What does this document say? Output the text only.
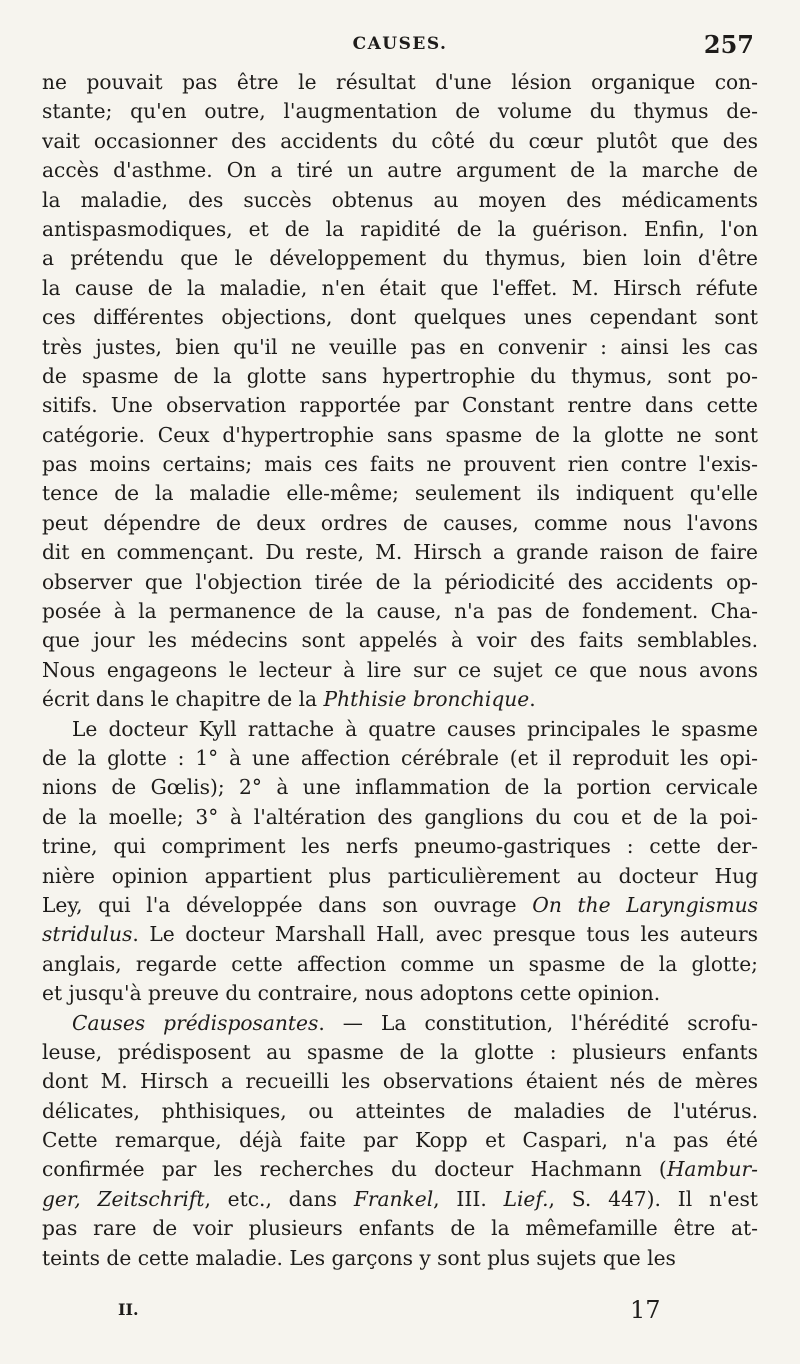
CAUSES.	257
ne pouvait pas être le résultat d'une lésion organique con-
stante; qu'en outre, l'augmentation de volume du thymus de-
vait occasionner des accidents du côté du cœur plutôt que des
accès d'asthme. On a tiré un autre argument de la marche de
la maladie, des succès obtenus au moyen des médicaments
antispasmodiques, et de la rapidité de la guérison. Enfin, l'on
a prétendu que le développement du thymus, bien loin d'être
la cause de la maladie, n'en était que l'effet. M. Hirsch réfute
ces différentes objections, dont quelques unes cependant sont
très justes, bien qu'il ne veuille pas en convenir : ainsi les cas
de spasme de la glotte sans hypertrophie du thymus, sont po-
sitifs. Une observation rapportée par Constant rentre dans cette
catégorie. Ceux d'hypertrophie sans spasme de la glotte ne sont
pas moins certains; mais ces faits ne prouvent rien contre l'exis-
tence de la maladie elle-même; seulement ils indiquent qu'elle
peut dépendre de deux ordres de causes, comme nous l'avons
dit en commençant. Du reste, M. Hirsch a grande raison de faire
observer que l'objection tirée de la périodicité des accidents op-
posée à la permanence de la cause, n'a pas de fondement. Cha-
que jour les médecins sont appelés à voir des faits semblables.
Nous engageons le lecteur à lire sur ce sujet ce que nous avons
écrit dans le chapitre de la Phthisie bronchique.
Le docteur Kyll rattache à quatre causes principales le spasme
de la glotte : 1° à une affection cérébrale (et il reproduit les opi-
nions de Gœlis); 2° à une inflammation de la portion cervicale
de la moelle; 3° à l'altération des ganglions du cou et de la poi-
trine, qui compriment les nerfs pneumo-gastriques : cette der-
nière opinion appartient plus particulièrement au docteur Hug
Ley, qui l'a développée dans son ouvrage On the Laryngismus
stridulus. Le docteur Marshall Hall, avec presque tous les auteurs
anglais, regarde cette affection comme un spasme de la glotte;
et jusqu'à preuve du contraire, nous adoptons cette opinion.
Causes prédisposantes. — La constitution, l'hérédité scrofu-
leuse, prédisposent au spasme de la glotte : plusieurs enfants
dont M. Hirsch a recueilli les observations étaient nés de mères
délicates, phthisiques, ou atteintes de maladies de l'utérus.
Cette remarque, déjà faite par Kopp et Caspari, n'a pas été
confirmée par les recherches du docteur Hachmann (Hambur-
ger, Zeitschrift, etc., dans Frankel, III. Lief., S. 447). Il n'est
pas rare de voir plusieurs enfants de la mêmefamille être at-
teints de cette maladie. Les garçons y sont plus sujets que les
II.	17
